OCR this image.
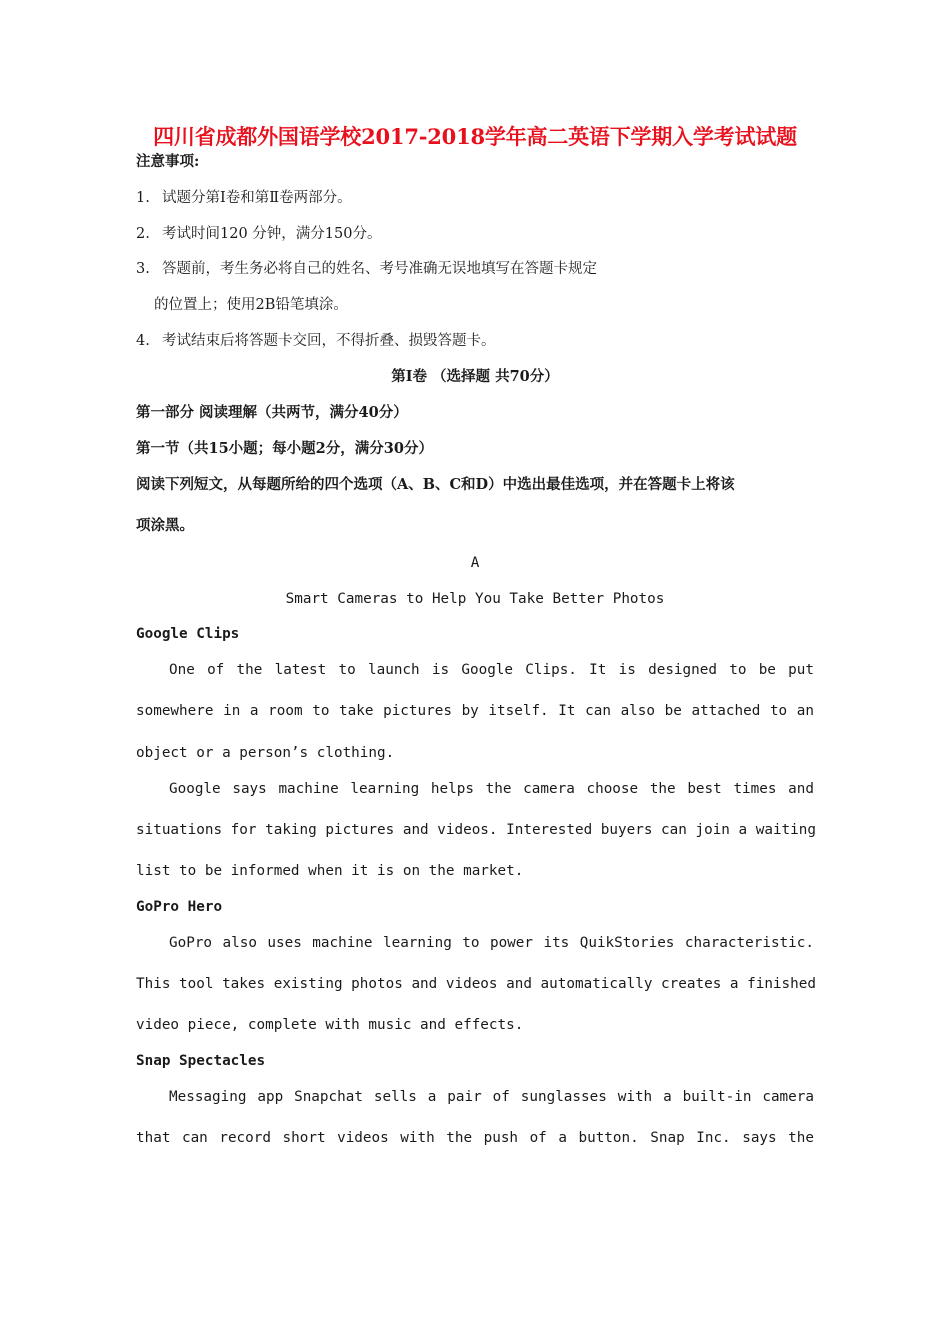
四川省成都外国语学校2017-2018学年高二英语下学期入学考试试题
注意事项:
1. 试题分第Ⅰ卷和第Ⅱ卷两部分。
2. 考试时间120 分钟，满分150分。
3. 答题前，考生务必将自己的姓名、考号准确无误地填写在答题卡规定
的位置上；使用2B铅笔填涂。
4. 考试结束后将答题卡交回，不得折叠、损毁答题卡。
第Ⅰ卷 （选择题 共70分）
第一部分 阅读理解（共两节，满分40分）
第一节（共15小题；每小题2分，满分30分）
阅读下列短文，从每题所给的四个选项（A、B、C和D）中选出最佳选项，并在答题卡上将该
项涂黑。
A
Smart Cameras to Help You Take Better Photos
Google Clips
One of the latest to launch is Google Clips. It is designed to be put
somewhere in a room to take pictures by itself. It can also be attached to an
object or a person’s clothing.
Google says machine learning helps the camera choose the best times and
situations for taking pictures and videos. Interested buyers can join a waiting
list to be informed when it is on the market.
GoPro Hero
GoPro also uses machine learning to power its QuikStories characteristic.
This tool takes existing photos and videos and automatically creates a finished
video piece, complete with music and effects.
Snap Spectacles
Messaging app Snapchat sells a pair of sunglasses with a built-in camera
that can record short videos with the push of a button. Snap Inc. says the
